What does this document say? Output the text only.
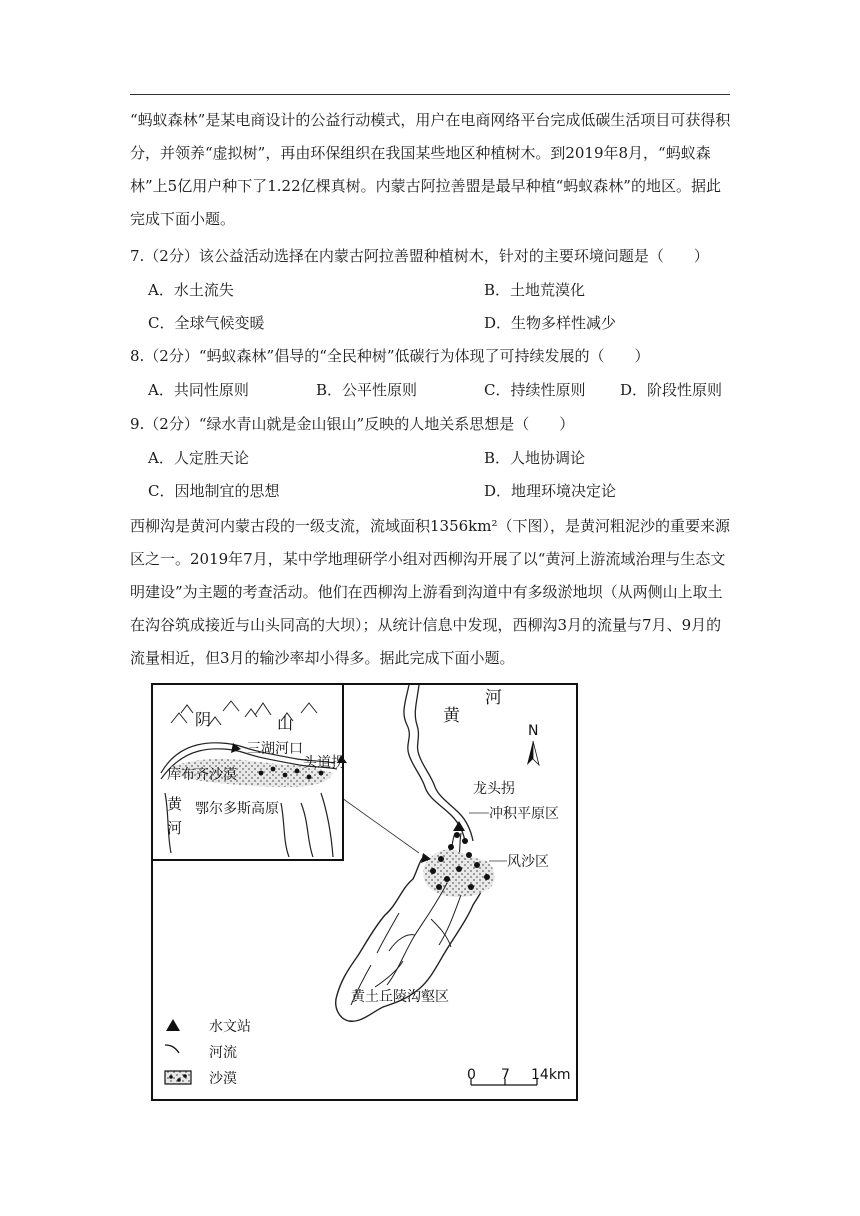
“蚂蚁森林”是某电商设计的公益行动模式，用户在电商网络平台完成低碳生活项目可获得积分，并领养“虚拟树”，再由环保组织在我国某些地区种植树木。到2019年8月，“蚂蚁森林”上5亿用户种下了1.22亿棵真树。内蒙古阿拉善盟是最早种植“蚂蚁森林”的地区。据此完成下面小题。
7.（2分）该公益活动选择在内蒙古阿拉善盟种植树木，针对的主要环境问题是（　　）
A．水土流失	B．土地荒漠化
C．全球气候变暖	D．生物多样性减少
8.（2分）“蚂蚁森林”倡导的“全民种树”低碳行为体现了可持续发展的（　　）
A．共同性原则	B．公平性原则	C．持续性原则 D．阶段性原则
9.（2分）“绿水青山就是金山银山”反映的人地关系思想是（　　）
A．人定胜天论	B．人地协调论
C．因地制宜的思想	D．地理环境决定论
西柳沟是黄河内蒙古段的一级支流，流域面积1356km²（下图），是黄河粗泥沙的重要来源区之一。2019年7月，某中学地理研学小组对西柳沟开展了以“黄河上游流域治理与生态文明建设”为主题的考查活动。他们在西柳沟上游看到沟道中有多级淤地坝（从两侧山上取土在沟谷筑成接近与山头同高的大坝）；从统计信息中发现，西柳沟3月的流量与7月、9月的流量相近，但3月的输沙率却小得多。据此完成下面小题。
黄
河
N
龙头拐
冲积平原区
风沙区
黄土丘陵沟壑区
阴	山
三湖河口
头道拐
库布齐沙漠
黄
河
鄂尔多斯高原
水文站
河流
沙漠	0 7 14km
